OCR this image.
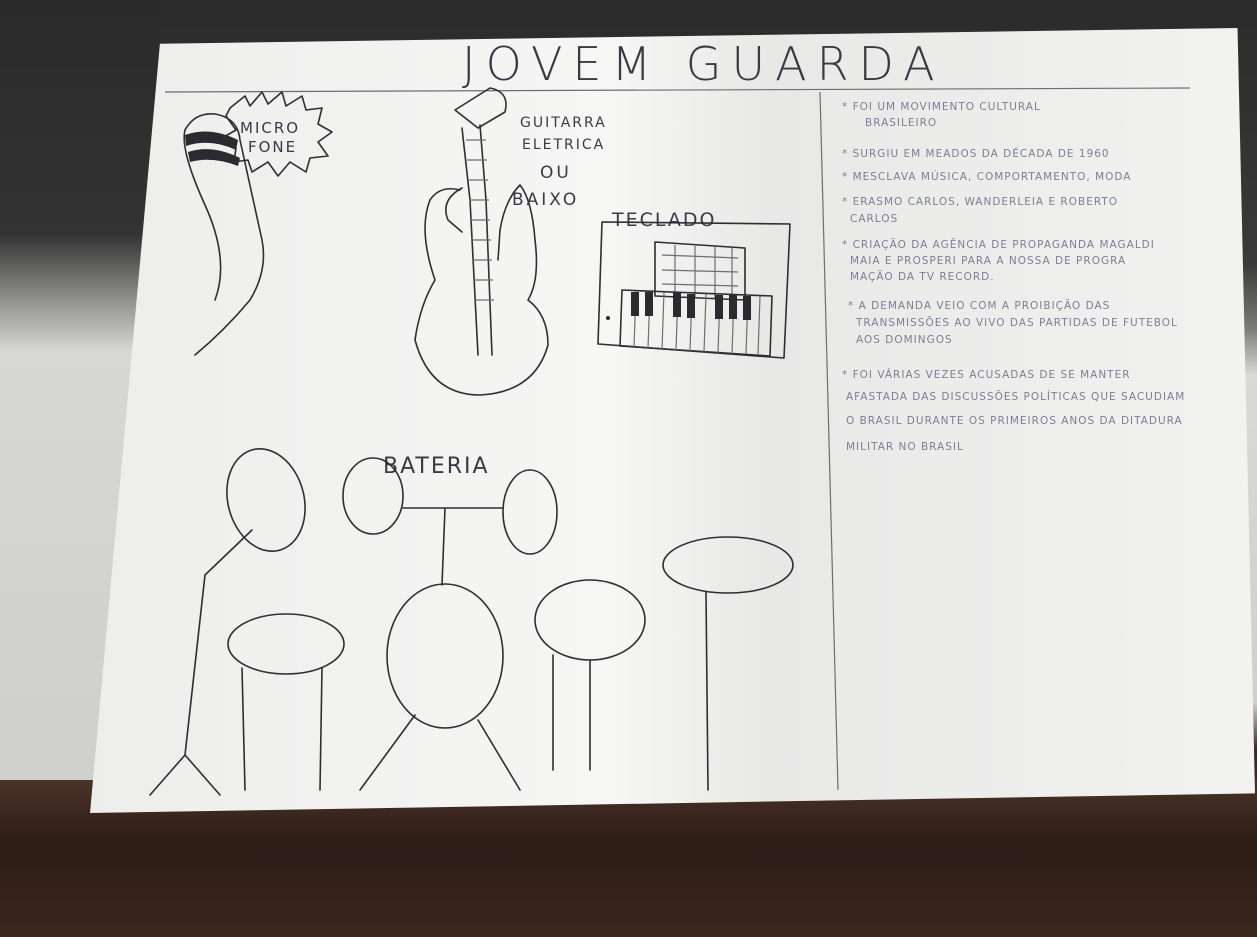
JOVEM GUARDA
MICRO
FONE
GUITARRA
ELETRICA
OU
BAIXO
TECLADO
BATERIA
* FOI UM MOVIMENTO CULTURAL
BRASILEIRO
* SURGIU EM MEADOS DA DÉCADA DE 1960
* MESCLAVA MÚSICA, COMPORTAMENTO, MODA
* ERASMO CARLOS, WANDERLEIA E ROBERTO
CARLOS
* CRIAÇÃO DA AGÊNCIA DE PROPAGANDA MAGALDI
MAIA E PROSPERI PARA A NOSSA DE PROGRA
MAÇÃO DA TV RECORD.
* A DEMANDA VEIO COM A PROIBIÇÃO DAS
TRANSMISSÕES AO VIVO DAS PARTIDAS DE FUTEBOL
AOS DOMINGOS
* FOI VÁRIAS VEZES ACUSADAS DE SE MANTER
AFASTADA DAS DISCUSSÕES POLÍTICAS QUE SACUDIAM
O BRASIL DURANTE OS PRIMEIROS ANOS DA DITADURA
MILITAR NO BRASIL
